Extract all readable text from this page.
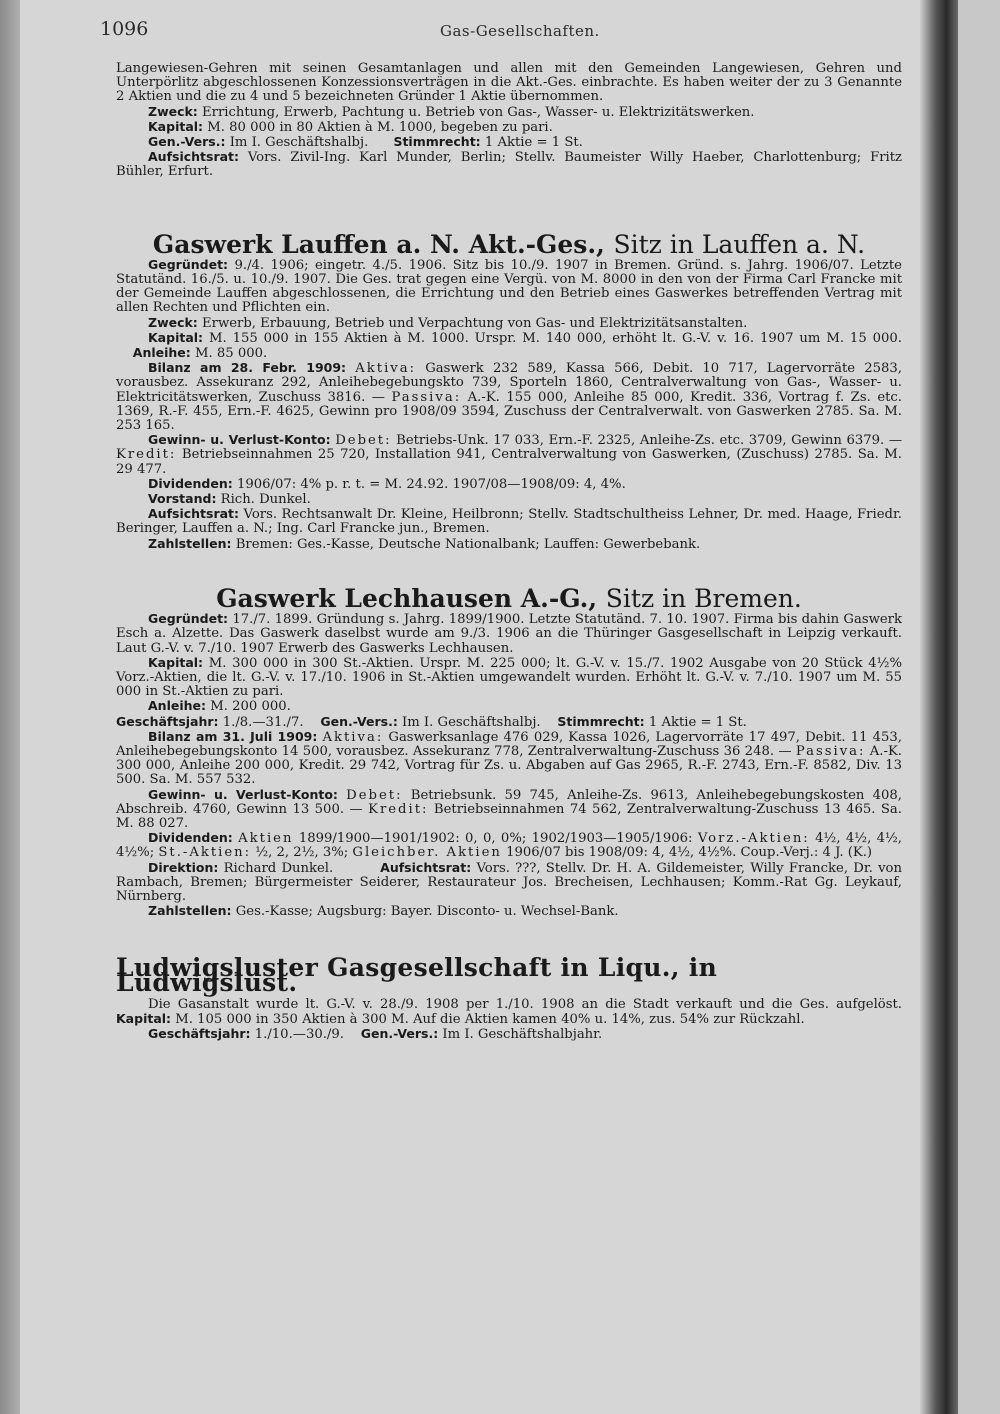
1096	Gas-Gesellschaften.

Langewiesen-Gehren mit seinen Gesamtanlagen und allen mit den Gemeinden Langewiesen, Gehren und Unterpörlitz abgeschlossenen Konzessionsverträgen in die Akt.-Ges. einbrachte. Es haben weiter der zu 3 Genannte 2 Aktien und die zu 4 und 5 bezeichneten Gründer 1 Aktie übernommen.

Zweck: Errichtung, Erwerb, Pachtung u. Betrieb von Gas-, Wasser- u. Elektrizitätswerken.

Kapital: M. 80 000 in 80 Aktien à M. 1000, begeben zu pari.

Gen.-Vers.: Im I. Geschäftshalbj. Stimmrecht: 1 Aktie = 1 St.

Aufsichtsrat: Vors. Zivil-Ing. Karl Munder, Berlin; Stellv. Baumeister Willy Haeber, Charlottenburg; Fritz Bühler, Erfurt.

Gaswerk Lauffen a. N. Akt.-Ges., Sitz in Lauffen a. N.

Gegründet: 9./4. 1906; eingetr. 4./5. 1906. Sitz bis 10./9. 1907 in Bremen. Gründ. s. Jahrg. 1906/07. Letzte Statutänd. 16./5. u. 10./9. 1907. Die Ges. trat gegen eine Vergü. von M. 8000 in den von der Firma Carl Francke mit der Gemeinde Lauffen abgeschlossenen, die Errichtung und den Betrieb eines Gaswerkes betreffenden Vertrag mit allen Rechten und Pflichten ein.

Zweck: Erwerb, Erbauung, Betrieb und Verpachtung von Gas- und Elektrizitätsanstalten.

Kapital: M. 155 000 in 155 Aktien à M. 1000. Urspr. M. 140 000, erhöht lt. G.-V. v. 16. 1907 um M. 15 000.     Anleihe: M. 85 000.

Bilanz am 28. Febr. 1909: Aktiva: Gaswerk 232 589, Kassa 566, Debit. 10 717, Lagervorräte 2583, vorausbez. Assekuranz 292, Anleihebegebungskto 739, Sporteln 1860, Centralverwaltung von Gas-, Wasser- u. Elektricitätswerken, Zuschuss 3816. — Passiva: A.-K. 155 000, Anleihe 85 000, Kredit. 336, Vortrag f. Zs. etc. 1369, R.-F. 455, Ern.-F. 4625, Gewinn pro 1908/09 3594, Zuschuss der Centralverwalt. von Gaswerken 2785. Sa. M. 253 165.

Gewinn- u. Verlust-Konto: Debet: Betriebs-Unk. 17 033, Ern.-F. 2325, Anleihe-Zs. etc. 3709, Gewinn 6379. — Kredit: Betriebseinnahmen 25 720, Installation 941, Centralverwaltung von Gaswerken, (Zuschuss) 2785. Sa. M. 29 477.

Dividenden: 1906/07: 4% p. r. t. = M. 24.92. 1907/08—1908/09: 4, 4%.

Vorstand: Rich. Dunkel.

Aufsichtsrat: Vors. Rechtsanwalt Dr. Kleine, Heilbronn; Stellv. Stadtschultheiss Lehner, Dr. med. Haage, Friedr. Beringer, Lauffen a. N.; Ing. Carl Francke jun., Bremen.

Zahlstellen: Bremen: Ges.-Kasse, Deutsche Nationalbank; Lauffen: Gewerbebank.

Gaswerk Lechhausen A.-G., Sitz in Bremen.

Gegründet: 17./7. 1899. Gründung s. Jahrg. 1899/1900. Letzte Statutänd. 7. 10. 1907. Firma bis dahin Gaswerk Esch a. Alzette. Das Gaswerk daselbst wurde am 9./3. 1906 an die Thüringer Gasgesellschaft in Leipzig verkauft. Laut G.-V. v. 7./10. 1907 Erwerb des Gaswerks Lechhausen.

Kapital: M. 300 000 in 300 St.-Aktien. Urspr. M. 225 000; lt. G.-V. v. 15./7. 1902 Ausgabe von 20 Stück 4½% Vorz.-Aktien, die lt. G.-V. v. 17./10. 1906 in St.-Aktien umgewandelt wurden. Erhöht lt. G.-V. v. 7./10. 1907 um M. 55 000 in St.-Aktien zu pari.

Anleihe: M. 200 000.

Geschäftsjahr: 1./8.—31./7. Gen.-Vers.: Im I. Geschäftshalbj. Stimmrecht: 1 Aktie = 1 St.

Bilanz am 31. Juli 1909: Aktiva: Gaswerksanlage 476 029, Kassa 1026, Lagervorräte 17 497, Debit. 11 453, Anleihebegebungskonto 14 500, vorausbez. Assekuranz 778, Zentralverwaltung-Zuschuss 36 248. — Passiva: A.-K. 300 000, Anleihe 200 000, Kredit. 29 742, Vortrag für Zs. u. Abgaben auf Gas 2965, R.-F. 2743, Ern.-F. 8582, Div. 13 500. Sa. M. 557 532.

Gewinn- u. Verlust-Konto: Debet: Betriebsunk. 59 745, Anleihe-Zs. 9613, Anleihebegebungskosten 408, Abschreib. 4760, Gewinn 13 500. — Kredit: Betriebseinnahmen 74 562, Zentralverwaltung-Zuschuss 13 465. Sa. M. 88 027.

Dividenden: Aktien 1899/1900—1901/1902: 0, 0, 0%; 1902/1903—1905/1906: Vorz.-Aktien: 4½, 4½, 4½, 4½%; St.-Aktien: ½, 2, 2½, 3%; Gleichber. Aktien 1906/07 bis 1908/09: 4, 4½, 4½%. Coup.-Verj.: 4 J. (K.)

Direktion: Richard Dunkel.	Aufsichtsrat: Vors. ???, Stellv. Dr. H. A. Gildemeister, Willy Francke, Dr. von Rambach, Bremen; Bürgermeister Seiderer, Restaurateur Jos. Brecheisen, Lechhausen; Komm.-Rat Gg. Leykauf, Nürnberg.

Zahlstellen: Ges.-Kasse; Augsburg: Bayer. Disconto- u. Wechsel-Bank.

Ludwigsluster Gasgesellschaft in Liqu., in Ludwigslust.

Die Gasanstalt wurde lt. G.-V. v. 28./9. 1908 per 1./10. 1908 an die Stadt verkauft und die Ges. aufgelöst. Kapital: M. 105 000 in 350 Aktien à 300 M. Auf die Aktien kamen 40% u. 14%, zus. 54% zur Rückzahl.

Geschäftsjahr: 1./10.—30./9. Gen.-Vers.: Im I. Geschäftshalbjahr.
